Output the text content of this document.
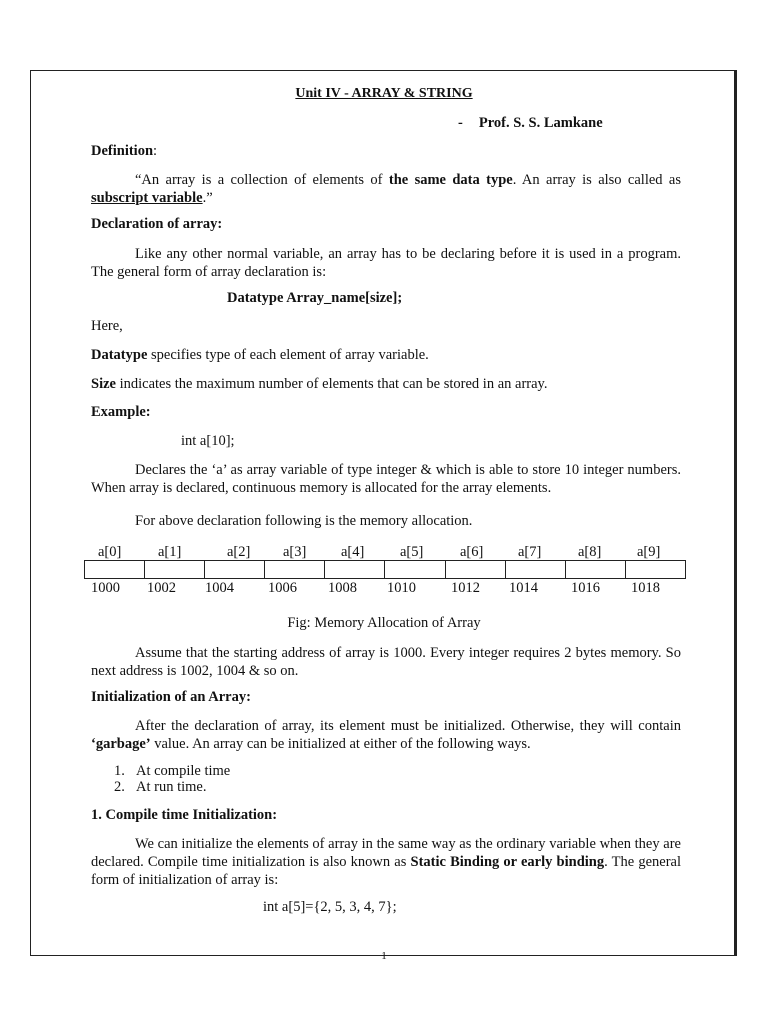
Unit IV - ARRAY & STRING
- Prof. S. S. Lamkane
Definition:
“An array is a collection of elements of the same data type. An array is also called as subscript variable.”
Declaration of array:
Like any other normal variable, an array has to be declaring before it is used in a program. The general form of array declaration is:
Datatype Array_name[size];
Here,
Datatype specifies type of each element of array variable.
Size indicates the maximum number of elements that can be stored in an array.
Example:
int a[10];
Declares the ‘a’ as array variable of type integer & which is able to store 10 integer numbers. When array is declared, continuous memory is allocated for the array elements.
For above declaration following is the memory allocation.
a[0]	a[1]	a[2] a[3] a[4] a[5]	a[6] a[7]	a[8] a[9]
1000 1002 1004 1006 1008 1010 1012 1014 1016 1018
Fig: Memory Allocation of Array
Assume that the starting address of array is 1000. Every integer requires 2 bytes memory. So next address is 1002, 1004 & so on.
Initialization of an Array:
After the declaration of array, its element must be initialized. Otherwise, they will contain ‘garbage’ value. An array can be initialized at either of the following ways.
1. At compile time
2. At run time.
1. Compile time Initialization:
We can initialize the elements of array in the same way as the ordinary variable when they are declared. Compile time initialization is also known as Static Binding or early binding. The general form of initialization of array is:
int a[5]={2, 5, 3, 4, 7};
1
